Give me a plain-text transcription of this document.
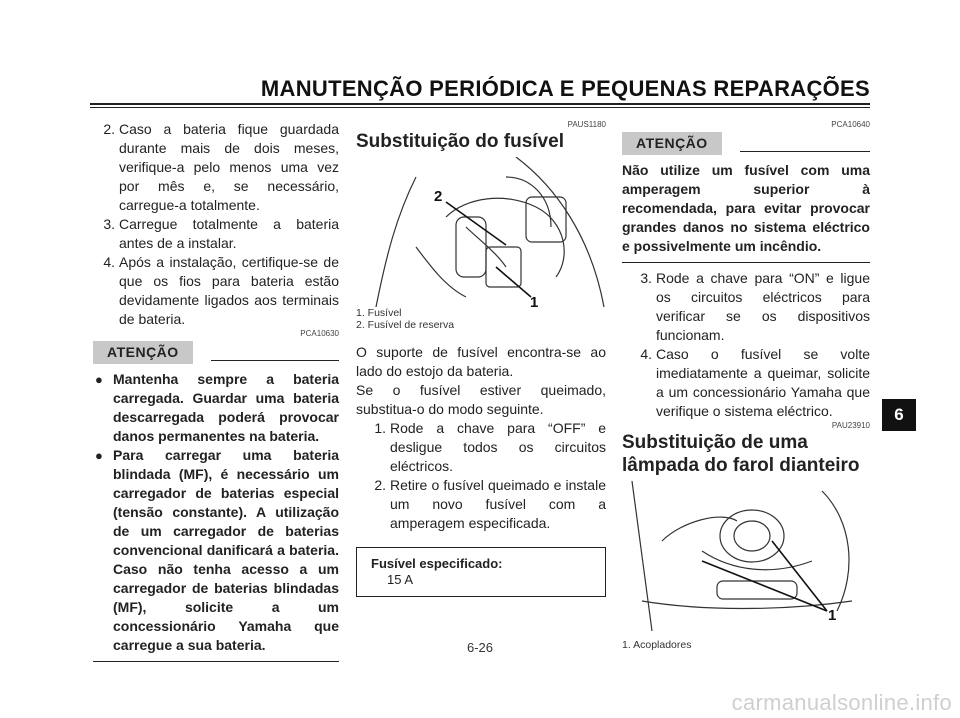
MANUTENÇÃO PERIÓDICA E PEQUENAS REPARAÇÕES
2. Caso a bateria fique guardada durante mais de dois meses, verifique-a pelo menos uma vez por mês e, se necessário, carregue-a totalmente.
3. Carregue totalmente a bateria antes de a instalar.
4. Após a instalação, certifique-se de que os fios para bateria estão devidamente ligados aos terminais de bateria.
PCA10630
ATENÇÃO
● Mantenha sempre a bateria carregada. Guardar uma bateria descarregada poderá provocar danos permanentes na bateria.
● Para carregar uma bateria blindada (MF), é necessário um carregador de baterias especial (tensão constante). A utilização de um carregador de baterias convencional danificará a bateria. Caso não tenha acesso a um carregador de baterias blindadas (MF), solicite a um concessionário Yamaha que carregue a sua bateria.
PAUS1180
Substituição do fusível
2
1
1. Fusível
2. Fusível de reserva
O suporte de fusível encontra-se ao lado do estojo da bateria.
Se o fusível estiver queimado, substitua-o do modo seguinte.
1. Rode a chave para “OFF” e desligue todos os circuitos eléctricos.
2. Retire o fusível queimado e instale um novo fusível com a amperagem especificada.
Fusível especificado:
15 A
PCA10640
ATENÇÃO
Não utilize um fusível com uma amperagem superior à recomendada, para evitar provocar grandes danos no sistema eléctrico e possivelmente um incêndio.
3. Rode a chave para “ON” e ligue os circuitos eléctricos para verificar se os dispositivos funcionam.
4. Caso o fusível se volte imediatamente a queimar, solicite a um concessionário Yamaha que verifique o sistema eléctrico.
PAU23910
Substituição de uma lâmpada do farol dianteiro
1
1. Acopladores
6
6-26
carmanualsonline.info
